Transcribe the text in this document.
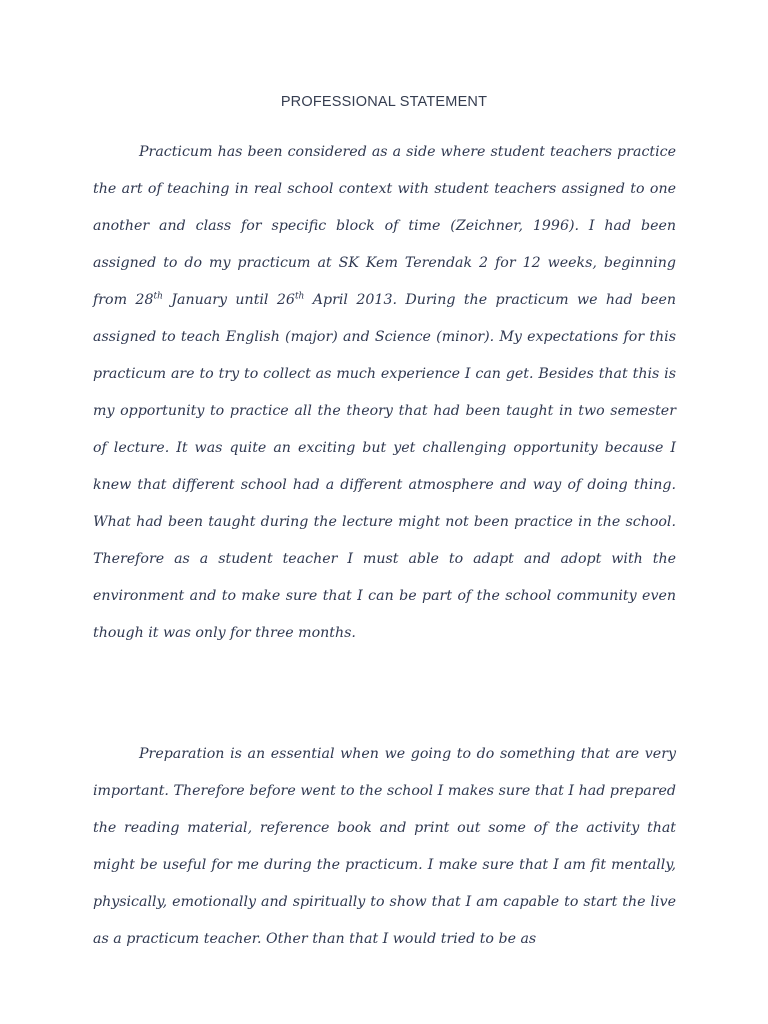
PROFESSIONAL STATEMENT

Practicum has been considered as a side where student teachers practice the art of teaching in real school context with student teachers assigned to one another and class for specific block of time (Zeichner, 1996). I had been assigned to do my practicum at SK Kem Terendak 2 for 12 weeks, beginning from 28th January until 26th April 2013. During the practicum we had been assigned to teach English (major) and Science (minor). My expectations for this practicum are to try to collect as much experience I can get. Besides that this is my opportunity to practice all the theory that had been taught in two semester of lecture. It was quite an exciting but yet challenging opportunity because I knew that different school had a different atmosphere and way of doing thing. What had been taught during the lecture might not been practice in the school. Therefore as a student teacher I must able to adapt and adopt with the environment and to make sure that I can be part of the school community even though it was only for three months.

Preparation is an essential when we going to do something that are very important. Therefore before went to the school I makes sure that I had prepared the reading material, reference book and print out some of the activity that might be useful for me during the practicum. I make sure that I am fit mentally, physically, emotionally and spiritually to show that I am capable to start the live as a practicum teacher. Other than that I would tried to be as
